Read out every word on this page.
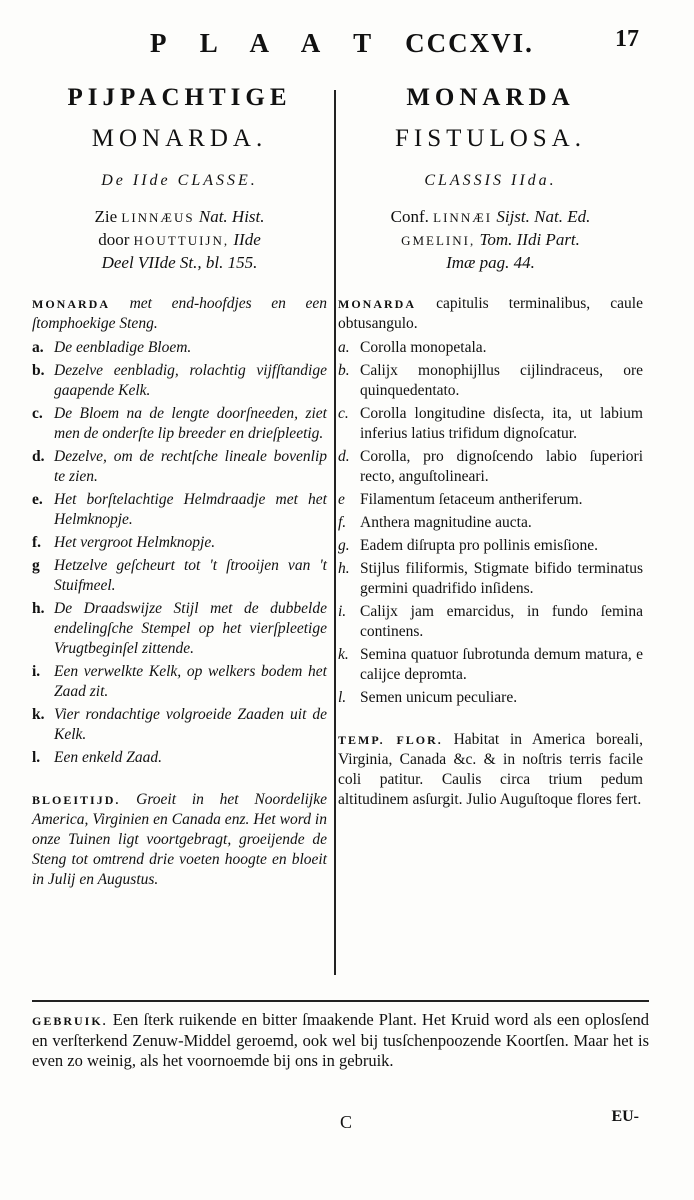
P L A A T CCCXVI.	17
PIJPACHTIGE
MONARDA.
De IIde CLASSE.
Zie LINNÆUS Nat. Hist.
door HOUTTUIJN, IIde
Deel VIIde St., bl. 155.
MONARDA met end-hoofdjes en een ſtomphoekige Steng.
a. De eenbladige Bloem.
b. Dezelve eenbladig, rolachtig vijfſtandige gaapende Kelk.
c. De Bloem na de lengte doorſneeden, ziet men de onderſte lip breeder en drieſpleetig.
d. Dezelve, om de rechtſche lineale bovenlip te zien.
e. Het borſtelachtige Helmdraadje met het Helmknopje.
f. Het vergroot Helmknopje.
g Hetzelve geſcheurt tot 't ſtrooijen van 't Stuifmeel.
h. De Draadswijze Stijl met de dubbelde endelingſche Stempel op het vierſpleetige Vrugtbeginſel zittende.
i. Een verwelkte Kelk, op welkers bodem het Zaad zit.
k. Vier rondachtige volgroeide Zaaden uit de Kelk.
l. Een enkeld Zaad.
BLOEITIJD. Groeit in het Noordelijke America, Virginien en Canada enz. Het word in onze Tuinen ligt voortgebragt, groeijende de Steng tot omtrend drie voeten hoogte en bloeit in Julij en Augustus.
MONARDA
FISTULOSA.
CLASSIS IIda.
Conf. LINNÆI Sijst. Nat. Ed.
GMELINI, Tom. IIdi Part.
Imæ pag. 44.
MONARDA capitulis terminalibus, caule obtusangulo.
a. Corolla monopetala.
b. Calijx monophijllus cijlindraceus, ore quinquedentato.
c. Corolla longitudine disſecta, ita, ut labium inferius latius trifidum dignoſcatur.
d. Corolla, pro dignoſcendo labio ſuperiori recto, anguſtolineari.
e Filamentum ſetaceum antheriferum.
f. Anthera magnitudine aucta.
g. Eadem diſrupta pro pollinis emisſione.
h. Stijlus filiformis, Stigmate bifido terminatus germini quadrifido inſidens.
i. Calijx jam emarcidus, in fundo ſemina continens.
k. Semina quatuor ſubrotunda demum matura, e calijce depromta.
l. Semen unicum peculiare.
TEMP. FLOR. Habitat in America boreali, Virginia, Canada &c. & in noſtris terris facile coli patitur. Caulis circa trium pedum altitudinem asſurgit. Julio Auguſtoque flores fert.
GEBRUIK. Een ſterk ruikende en bitter ſmaakende Plant. Het Kruid word als een oplosſend en verſterkend Zenuw-Middel geroemd, ook wel bij tusſchenpoozende Koortſen. Maar het is even zo weinig, als het voornoemde bij ons in gebruik.
C	EU-
